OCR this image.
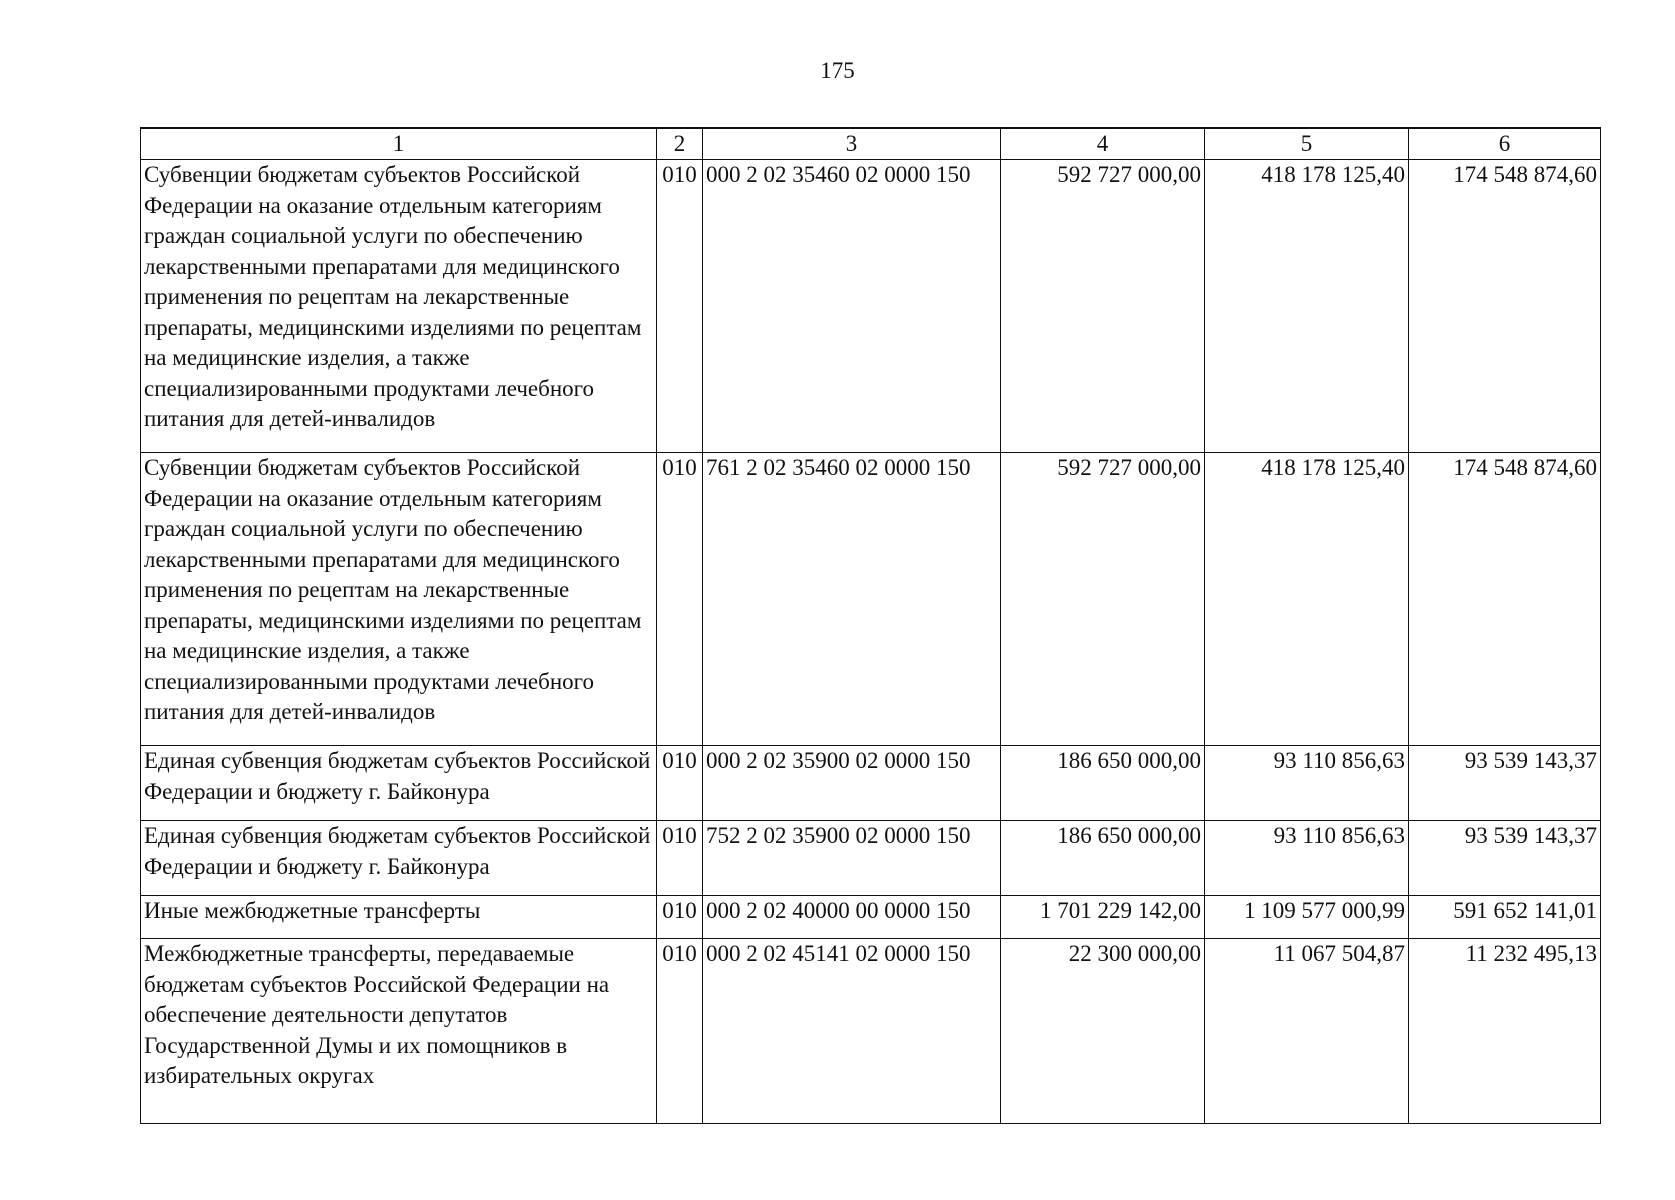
175
1	2	3	4	5	6
Субвенции бюджетам субъектов Российской Федерации на оказание отдельным категориям граждан социальной услуги по обеспечению лекарственными препаратами для медицинского применения по рецептам на лекарственные препараты, медицинскими изделиями по рецептам на медицинские изделия, а также специализированными продуктами лечебного питания для детей-инвалидов	010	000 2 02 35460 02 0000 150	592 727 000,00	418 178 125,40	174 548 874,60
Субвенции бюджетам субъектов Российской Федерации на оказание отдельным категориям граждан социальной услуги по обеспечению лекарственными препаратами для медицинского применения по рецептам на лекарственные препараты, медицинскими изделиями по рецептам на медицинские изделия, а также специализированными продуктами лечебного питания для детей-инвалидов	010	761 2 02 35460 02 0000 150	592 727 000,00	418 178 125,40	174 548 874,60
Единая субвенция бюджетам субъектов Российской Федерации и бюджету г. Байконура	010	000 2 02 35900 02 0000 150	186 650 000,00	93 110 856,63	93 539 143,37
Единая субвенция бюджетам субъектов Российской Федерации и бюджету г. Байконура	010	752 2 02 35900 02 0000 150	186 650 000,00	93 110 856,63	93 539 143,37
Иные межбюджетные трансферты	010	000 2 02 40000 00 0000 150	1 701 229 142,00	1 109 577 000,99	591 652 141,01
Межбюджетные трансферты, передаваемые бюджетам субъектов Российской Федерации на обеспечение деятельности депутатов Государственной Думы и их помощников в избирательных округах	010	000 2 02 45141 02 0000 150	22 300 000,00	11 067 504,87	11 232 495,13
